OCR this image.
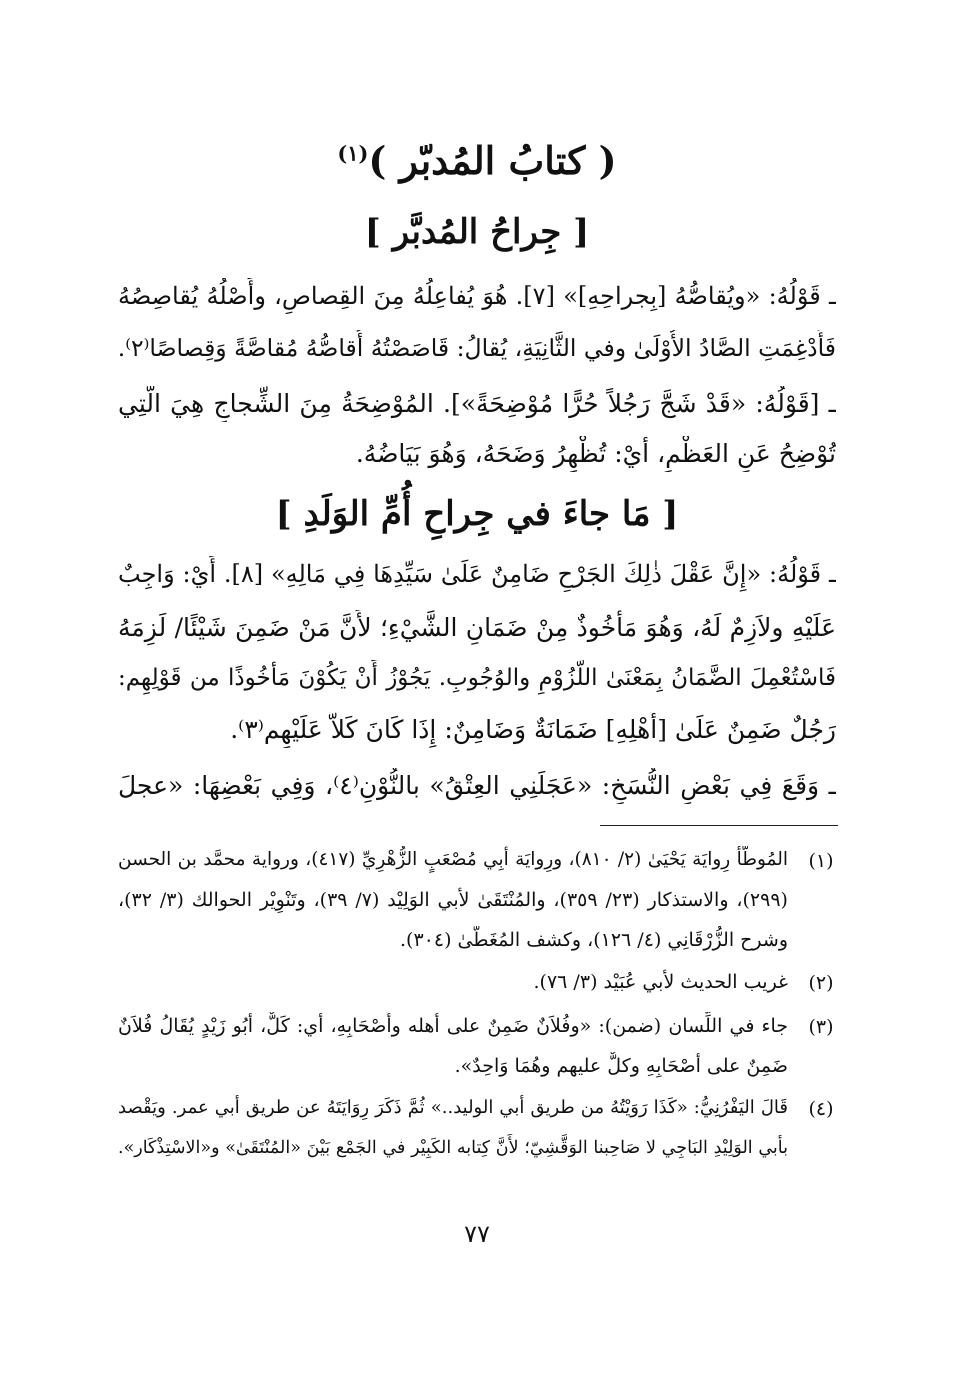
( كتابُ المُدبّر )$^{(١)}$
[ جِراحُ المُدبَّر ]
ـ قَوْلُهُ: «ويُقاصُّهُ [بِجراحِهِ]» [٧]. هُوَ يُفاعِلُهُ مِنَ القِصاصِ، وأَصْلُهُ يُقاصِصُهُ
فَأُدْغِمَتِ الصَّادُ الأُوْلَىٰ وفي الثَّانِيَةِ، يُقالُ: قَاصَصْتُهُ أُقاصُّهُ مُقاصَّةً وَقِصاصًا⁽٢⁾.
ـ [قَوْلُهُ: «قَدْ شَجَّ رَجُلاً حُرًّا مُوْضِحَةً»]. المُوْضِحَةُ مِنَ الشِّجاجِ هِيَ الَّتِي
تُوْضِحُ عَنِ العَظْمِ، أَيْ: تُظْهِرُ وَضَحَهُ، وَهُوَ بَيَاضُهُ.
[ مَا جاءَ في جِراحِ أُمِّ الوَلَدِ ]
ـ قَوْلُهُ: «إِنَّ عَقْلَ ذٰلِكَ الجَرْحِ ضَامِنٌ عَلَىٰ سَيِّدِهَا فِي مَالِهِ» [٨]. أَيْ: وَاجِبٌ
عَلَيْهِ ولاَزِمٌ لَهُ، وَهُوَ مَأْخُوذٌ مِنْ ضَمَانِ الشَّيْءِ؛ لأَنَّ مَنْ ضَمِنَ شَيْئًا/ لَزِمَهُ
فَاسْتُعْمِلَ الضَّمَانُ بِمَعْنَىٰ اللُّزُوْمِ والوُجُوبِ. يَجُوْزُ أَنْ يَكُوْنَ مَأْخُوذًا من قَوْلِهِم:
رَجُلٌ ضَمِنٌ عَلَىٰ [أَهْلِهِ] ضَمَانَةٌ وَضَامِنٌ: إِذَا كَانَ كَلاًّ عَلَيْهِم⁽٣⁾.
ـ وَقَعَ فِي بَعْضِ النُّسَخِ: «عَجَلَنِي العِتْقُ» بالنُّوْنِ⁽٤⁾، وَفِي بَعْضِهَا: «عجلَ
(١)
المُوطَّأ رِوايَة يَحْيَىٰ (٢/ ٨١٠)، ورِوايَة أَبِي مُصْعَبٍ الزُّهْرِيِّ (٤١٧)، ورواية محمَّد بن الحسن
(٢٩٩)، والاستذكار (٢٣/ ٣٥٩)، والمُنْتَقَىٰ لأبي الوَلِيْد (٧/ ٣٩)، وتَنْوِيْر الحوالك (٣/ ٣٢)،
وشرح الزُّرْقَانِي (٤/ ١٢٦)، وكشف المُغَطَّىٰ (٣٠٤).
(٢)
غريب الحديث لأبي عُبَيْد (٣/ ٧٦).
(٣)
جاء في اللِّسان (ضمن): «وفُلاَنٌ ضَمِنٌ على أهله وأَصْحَابِهِ، أي: كَلٌّ، أبُو زَيْدٍ يُقَالُ فُلاَنٌ
ضَمِنٌ على أَصْحَابِهِ وكلٌّ عليهم وهُمَا وَاحِدٌ».
(٤)
قَالَ اليَفْرُنِيُّ: «كَذَا رَوَيْتُهُ من طريق أبي الوليد..» ثُمَّ ذَكَرَ رِوَايَتَهُ عن طريق أبي عمر. ويَقْصد
بأبي الوَلِيْدِ البَاجِي لا صَاحِبنا الوَقَّشِيّ؛ لأَنَّ كِتابه الكَبِيْر في الجَمْع بَيْنَ «المُنْتَقَىٰ» و«الاسْتِذْكَار».
٧٧
